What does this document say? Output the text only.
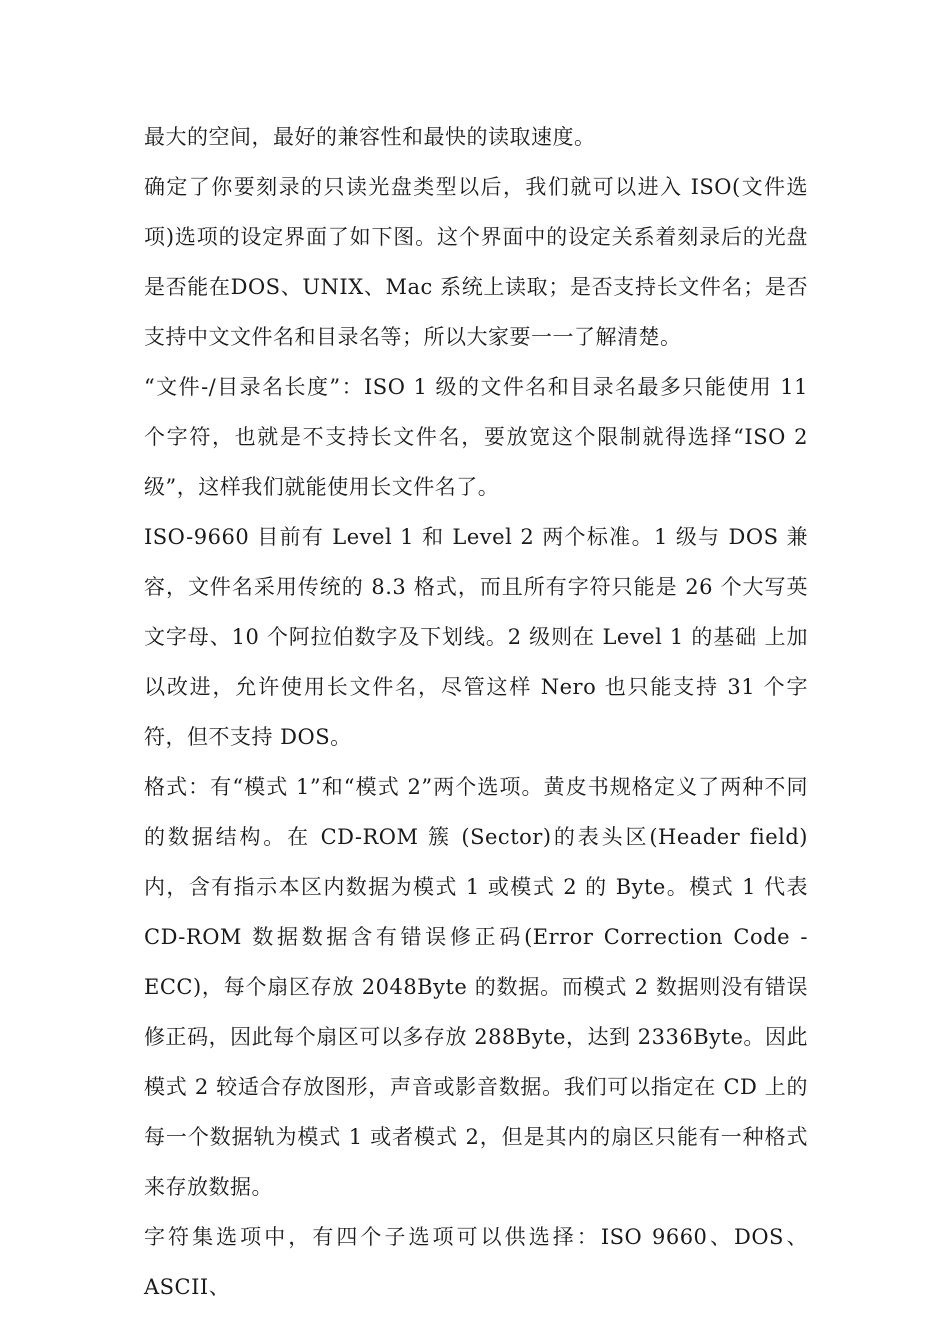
最大的空间，最好的兼容性和最快的读取速度。

确定了你要刻录的只读光盘类型以后，我们就可以进入 ISO(文件选项)选项的设定界面了如下图。这个界面中的设定关系着刻录后的光盘是否能在DOS、UNIX、Mac 系统上读取；是否支持长文件名；是否支持中文文件名和目录名等；所以大家要一一了解清楚。

“文件-/目录名长度”：ISO 1 级的文件名和目录名最多只能使用 11 个字符，也就是不支持长文件名，要放宽这个限制就得选择“ISO 2 级”，这样我们就能使用长文件名了。

ISO-9660 目前有 Level 1 和 Level 2 两个标准。1 级与 DOS 兼容，文件名采用传统的 8.3 格式，而且所有字符只能是 26 个大写英文字母、10 个阿拉伯数字及下划线。2 级则在 Level 1 的基础 上加以改进，允许使用长文件名，尽管这样 Nero 也只能支持 31 个字符，但不支持 DOS。

格式：有“模式 1”和“模式 2”两个选项。黄皮书规格定义了两种不同的数据结构。在 CD-ROM 簇 (Sector)的表头区(Header field)内，含有指示本区内数据为模式 1 或模式 2 的 Byte。模式 1 代表 CD-ROM 数据数据含有错误修正码(Error Correction Code - ECC)，每个扇区存放 2048Byte 的数据。而模式 2 数据则没有错误修正码，因此每个扇区可以多存放 288Byte，达到 2336Byte。因此模式 2 较适合存放图形，声音或影音数据。我们可以指定在 CD 上的每一个数据轨为模式 1 或者模式 2，但是其内的扇区只能有一种格式来存放数据。

字符集选项中，有四个子选项可以供选择：ISO 9660、DOS、ASCII、
